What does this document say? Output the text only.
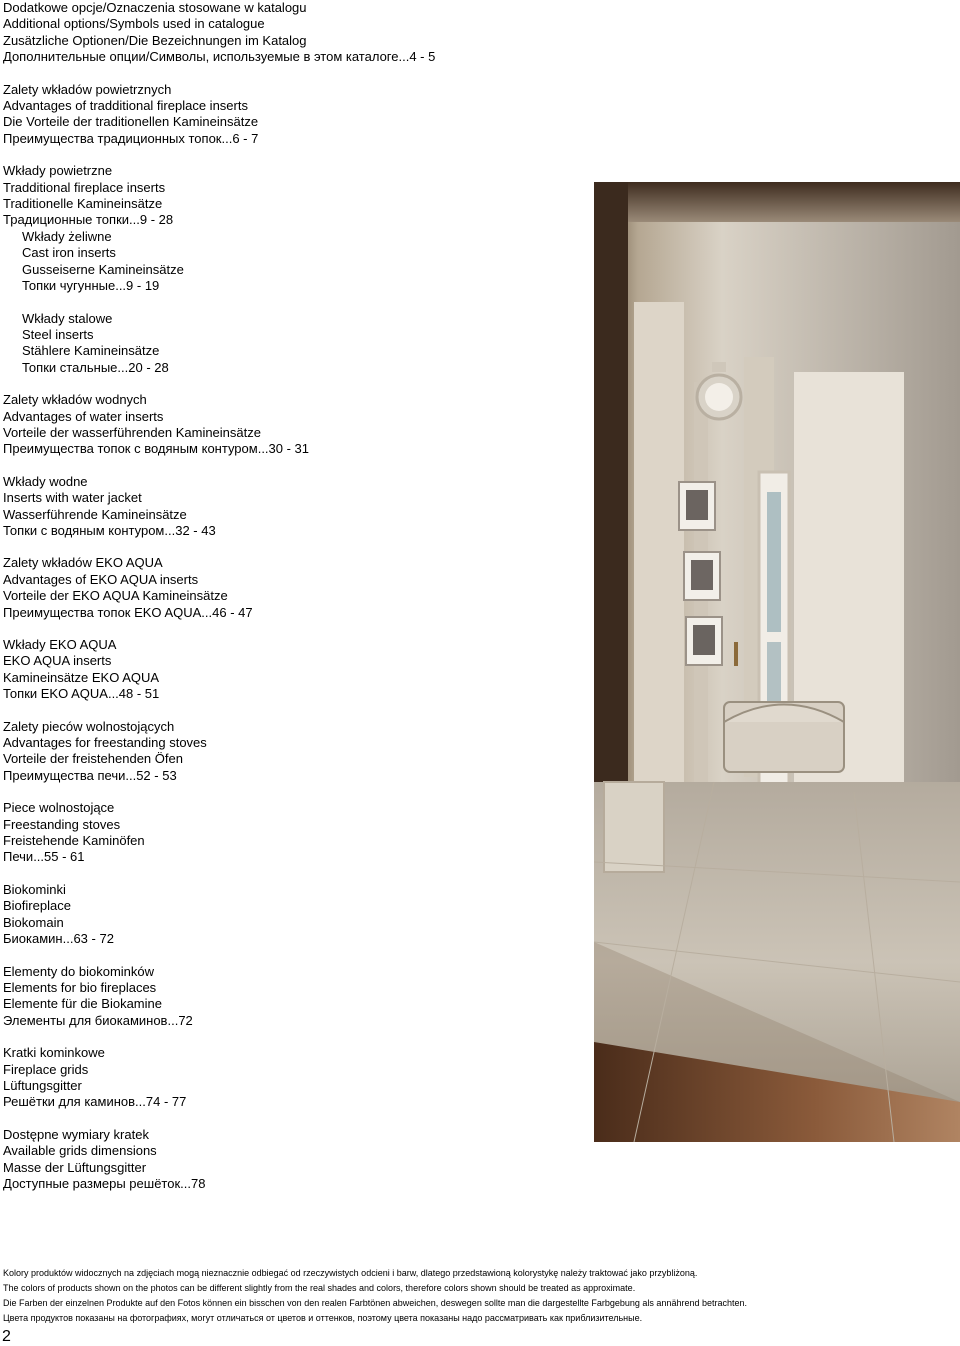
Dodatkowe opcje/Oznaczenia stosowane w katalogu
Additional options/Symbols used in catalogue
Zusätzliche Optionen/Die Bezeichnungen im Katalog
Дополнительные опции/Символы, используемые в этом каталоге...4 - 5
Zalety wkładów powietrznych
Advantages of tradditional fireplace inserts
Die Vorteile der traditionellen Kamineinsätze
Преимущества традиционных топок...6 - 7
Wkłady powietrzne
Tradditional fireplace inserts
Traditionelle Kamineinsätze
Традиционные топки...9 - 28
Wkłady żeliwne
Cast iron inserts
Gusseiserne Kamineinsätze
Топки чугунные...9 - 19
Wkłady stalowe
Steel inserts
Stählere Kamineinsätze
Топки стальные...20 - 28
Zalety wkładów wodnych
Advantages of water inserts
Vorteile der wasserführenden Kamineinsätze
Преимущества топок с водяным контуром...30 - 31
Wkłady wodne
Inserts with water jacket
Wasserführende Kamineinsätze
Топки с водяным контуром...32 - 43
Zalety wkładów EKO AQUA
Advantages of EKO AQUA inserts
Vorteile der EKO AQUA Kamineinsätze
Преимущества топок EKO AQUA...46 - 47
Wkłady EKO AQUA
EKO AQUA inserts
Kamineinsätze EKO AQUA
Топки EKO AQUA...48 - 51
Zalety pieców wolnostojących
Advantages for freestanding stoves
Vorteile der freistehenden Öfen
Преимущества печи...52 - 53
Piece wolnostojące
Freestanding stoves
Freistehende Kaminöfen
Печи...55 - 61
Biokominki
Biofireplace
Biokomain
Биокамин...63 - 72
Elementy do biokominków
Elements for bio fireplaces
Elemente für die Biokamine
Элементы для биокаминов...72
Kratki kominkowe
Fireplace grids
Lüftungsgitter
Решётки для каминов...74 - 77
Dostępne wymiary kratek
Available grids dimensions
Masse der Lüftungsgitter
Доступные размеры решёток...78
Kolory produktów widocznych na zdjęciach mogą nieznacznie odbiegać od rzeczywistych odcieni i barw, dlatego przedstawioną kolorystykę należy traktować jako przybliżoną.
The colors of products shown on the photos can be different slightly from the real shades and colors, therefore colors shown should be treated as approximate.
Die Farben der einzelnen Produkte auf den Fotos können ein bisschen von den realen Farbtönen abweichen, deswegen sollte man die dargestellte Farbgebung als annährend betrachten.
Цвета продуктов показаны на фотографиях, могут отличаться от цветов и оттенков, поэтому цвета показаны надо рассматривать как приблизительные.
2
